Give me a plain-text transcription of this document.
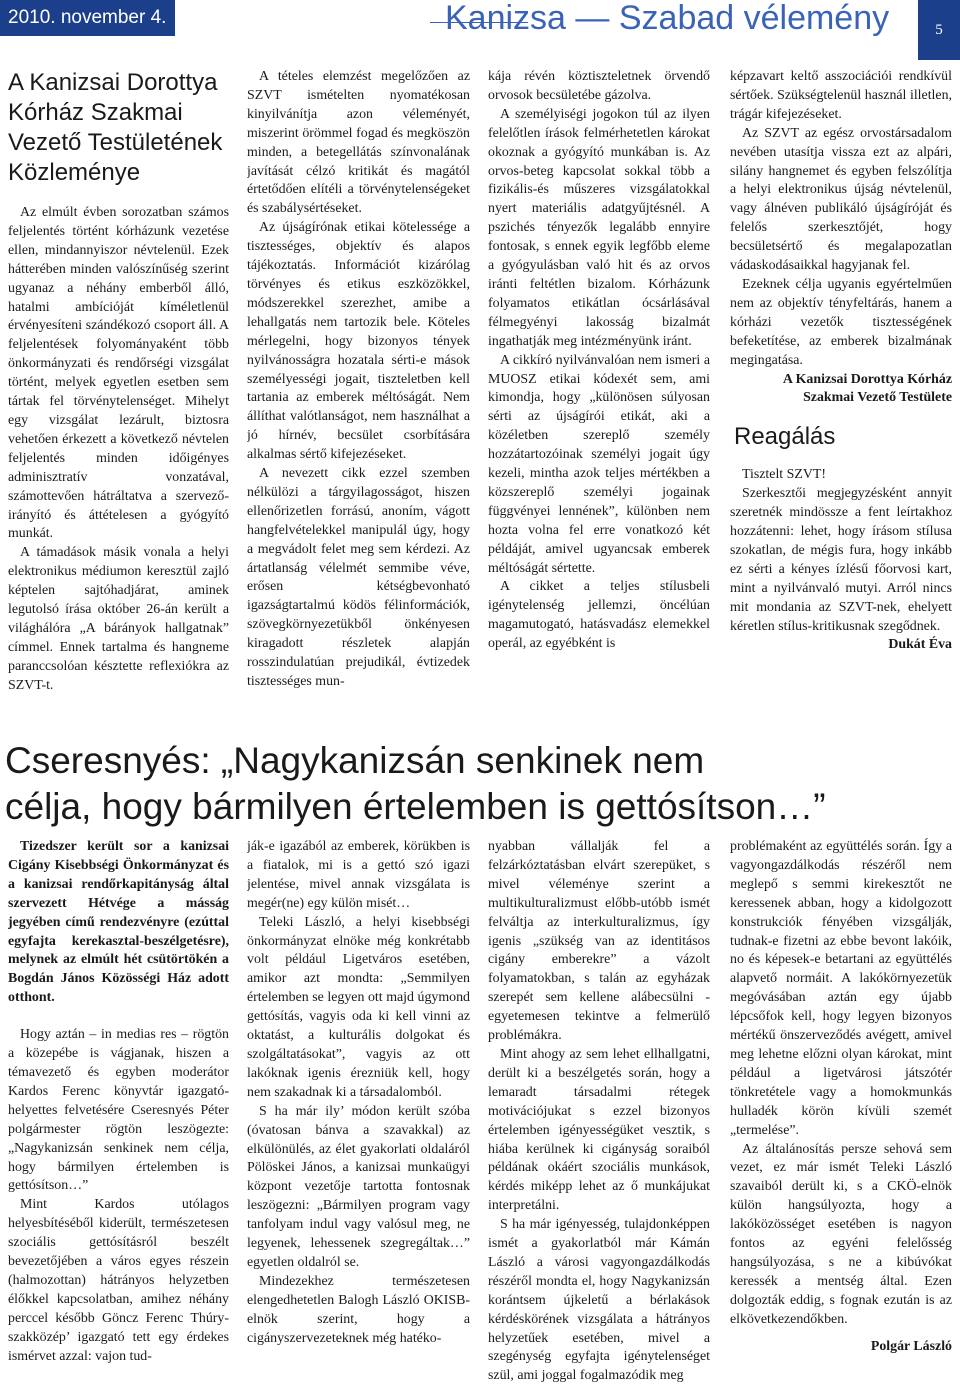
2010. november 4.	Kanizsa — Szabad vélemény	5
A Kanizsai Dorottya
Kórház Szakmai
Vezető Testületének
Közleménye

Az elmúlt évben sorozatban számos feljelentés történt kórházunk vezetése ellen, mindannyiszor névtelenül. Ezek hátterében minden valószínűség szerint ugyanaz a néhány emberből álló, hatalmi ambícióját kíméletlenül érvényesíteni szándékozó csoport áll. A feljelentések folyományaként több önkormányzati és rendőrségi vizsgálat történt, melyek egyetlen esetben sem tártak fel törvénytelenséget. Mihelyt egy vizsgálat lezárult, biztosra vehetően érkezett a következő névtelen feljelentés minden időigényes adminisztratív vonzatával, számottevően hátráltatva a szervező-irányító és áttételesen a gyógyító munkát.

A támadások másik vonala a helyi elektronikus médiumon keresztül zajló képtelen sajtóhadjárat, aminek legutolsó írása október 26-án került a világhálóra „A bárányok hallgatnak” címmel. Ennek tartalma és hangneme paranccsolóan késztette reflexiókra az SZVT-t.

A tételes elemzést megelőzően az SZVT ismételten nyomatékosan kinyilvánítja azon véleményét, miszerint örömmel fogad és megköszön minden, a betegellátás színvonalának javítását célzó kritikát és magától értetődően elítéli a törvénytelenségeket és szabálysértéseket.

Az újságírónak etikai kötelessége a tisztességes, objektív és alapos tájékoztatás. Információt kizárólag törvényes és etikus eszközökkel, módszerekkel szerezhet, amibe a lehallgatás nem tartozik bele. Köteles mérlegelni, hogy bizonyos tények nyilvánosságra hozatala sérti-e mások személyességi jogait, tiszteletben kell tartania az emberek méltóságát. Nem állíthat valótlanságot, nem használhat a jó hírnév, becsület csorbítására alkalmas sértő kifejezéseket.

A nevezett cikk ezzel szemben nélkülözi a tárgyilagosságot, hiszen ellenőrizetlen forrású, anoním, vágott hangfelvételekkel manipulál úgy, hogy a megvádolt felet meg sem kérdezi. Az ártatlanság vélelmét semmibe véve, erősen kétségbevonható igazságtartalmú ködös félinformációk, szövegkörnyezetükből önkényesen kiragadott részletek alapján rosszindulatúan prejudikál, évtizedek tisztességes mun-

kája révén köztiszteletnek örvendő orvosok becsületébe gázolva.

A személyiségi jogokon túl az ilyen felelőtlen írások felmérhetetlen károkat okoznak a gyógyító munkában is. Az orvos-beteg kapcsolat sokkal több a fizikális-és műszeres vizsgálatokkal nyert materiális adatgyűjtésnél. A pszichés tényezők legalább ennyire fontosak, s ennek egyik legfőbb eleme a gyógyulásban való hit és az orvos iránti feltétlen bizalom. Kórházunk folyamatos etikátlan ócsárlásával félmegyényi lakosság bizalmát ingathatják meg intézményünk iránt.

A cikkíró nyilvánvalóan nem ismeri a MUOSZ etikai kódexét sem, ami kimondja, hogy „különösen súlyosan sérti az újságírói etikát, aki a közéletben szereplő személy hozzátartozóinak személyi jogait úgy kezeli, mintha azok teljes mértékben a közszereplő személyi jogainak függvényei lennének”, különben nem hozta volna fel erre vonatkozó két példáját, amivel ugyancsak emberek méltóságát sértette.

A cikket a teljes stílusbeli igénytelenség jellemzi, öncélúan magamutogató, hatásvadász elemekkel operál, az egyébként is

képzavart keltő asszociációi rendkívül sértőek. Szükségtelenül használ illetlen, trágár kifejezéseket.

Az SZVT az egész orvostársadalom nevében utasítja vissza ezt az alpári, silány hangnemet és egyben felszólítja a helyi elektronikus újság névtelenül, vagy álnéven publikáló újságíróját és felelős szerkesztőjét, hogy becsületsértő és megalapozatlan vádaskodásaikkal hagyjanak fel.

Ezeknek célja ugyanis egyértelműen nem az objektív tényfeltárás, hanem a kórházi vezetők tisztességének befeketítése, az emberek bizalmának megingatása.

A Kanizsai Dorottya Kórház

Szakmai Vezető Testülete

Reagálás

Tisztelt SZVT!

Szerkesztői megjegyzésként annyit szeretnék mindössze a fent leírtakhoz hozzátenni: lehet, hogy írásom stílusa szokatlan, de mégis fura, hogy inkább ez sérti a kényes ízlésű főorvosi kart, mint a nyilvánvaló mutyi. Arról nincs mit mondania az SZVT-nek, ehelyett kéretlen stílus-kritikusnak szegődnek.

Dukát Éva

Cseresnyés: „Nagykanizsán senkinek nem
célja, hogy bármilyen értelemben is gettósítson…”

Tizedszer került sor a kanizsai Cigány Kisebbségi Önkormányzat és a kanizsai rendőrkapitányság által szervezett Hétvége a másság jegyében című rendezvényre (ezúttal egyfajta kerekasztal-beszélgetésre), melynek az elmúlt hét csütörtökén a Bogdán János Közösségi Ház adott otthont.

Hogy aztán – in medias res – rögtön a közepébe is vágjanak, hiszen a témavezető és egyben moderátor Kardos Ferenc könyvtár igazgató-helyettes felvetésére Cseresnyés Péter polgármester rögtön leszögezte: „Nagykanizsán senkinek nem célja, hogy bármilyen értelemben is gettósítson…”

Mint Kardos utólagos helyesbítéséből kiderült, természetesen szociális gettósításról beszélt bevezetőjében a város egyes részein (halmozottan) hátrányos helyzetben élőkkel kapcsolatban, amihez néhány perccel később Göncz Ferenc Thúry-szakközép’ igazgató tett egy érdekes ismérvet azzal: vajon tud-

ják-e igazából az emberek, körükben is a fiatalok, mi is a gettó szó igazi jelentése, mivel annak vizsgálata is megér(ne) egy külön misét…

Teleki László, a helyi kisebbségi önkormányzat elnöke még konkrétabb volt például Ligetváros esetében, amikor azt mondta: „Semmilyen értelemben se legyen ott majd úgymond gettósítás, vagyis oda ki kell vinni az oktatást, a kulturális dolgokat és szolgáltatásokat”, vagyis az ott lakóknak igenis érezniük kell, hogy nem szakadnak ki a társadalomból.

S ha már ily’ módon került szóba (óvatosan bánva a szavakkal) az elkülönülés, az élet gyakorlati oldaláról Pölöskei János, a kanizsai munkaügyi központ vezetője tartotta fontosnak leszögezni: „Bármilyen program vagy tanfolyam indul vagy valósul meg, ne legyenek, lehessenek szegregáltak…” egyetlen oldalról se.

Mindezekhez természetesen elengedhetetlen Balogh László OKISB-elnök szerint, hogy a cigányszervezeteknek még hatéko-

nyabban vállalják fel a felzárkóztatásban elvárt szerepüket, s mivel véleménye szerint a multikulturalizmust előbb-utóbb ismét felváltja az interkulturalizmus, így igenis „szükség van az identitásos cigány emberekre” a vázolt folyamatokban, s talán az egyházak szerepét sem kellene alábecsülni - egyetemesen tekintve a felmerülő problémákra.

Mint ahogy az sem lehet ellhallgatni, derült ki a beszélgetés során, hogy a lemaradt társadalmi rétegek motivációjukat s ezzel bizonyos értelemben igényességüket vesztik, s hiába kerülnek ki cigányság soraiból példának okáért szociális munkások, kérdés miképp lehet az ő munkájukat interpretálni.

S ha már igényesség, tulajdonképpen ismét a gyakorlatból már Kámán László a városi vagyongazdálkodás részéről mondta el, hogy Nagykanizsán korántsem újkeletű a bérlakások kérdéskörének vizsgálata a hátrányos helyzetűek esetében, mivel a szegénység egyfajta igénytelenséget szül, ami joggal fogalmazódik meg

problémaként az együttélés során. Így a vagyongazdálkodás részéről nem meglepő s semmi kirekesztőt ne keressenek abban, hogy a kidolgozott konstrukciók fényében vizsgálják, tudnak-e fizetni az ebbe bevont lakóik, no és képesek-e betartani az együttélés alapvető normáit. A lakókörnyezetük megóvásában aztán egy újabb lépcsőfok kell, hogy legyen bizonyos mértékű önszerveződés avégett, amivel meg lehetne előzni olyan károkat, mint például a ligetvárosi játszótér tönkretétele vagy a homokmunkás hulladék körön kívüli szemét „termelése”.

Az általánosítás persze sehová sem vezet, ez már ismét Teleki László szavaiból derült ki, s a CKÖ-elnök külön hangsúlyozta, hogy a lakóközösséget esetében is nagyon fontos az egyéni felelősség hangsúlyozása, s ne a kibúvókat keressék a mentség által. Ezen dolgozták eddig, s fognak ezután is az elkövetkezendőkben.

Polgár László
